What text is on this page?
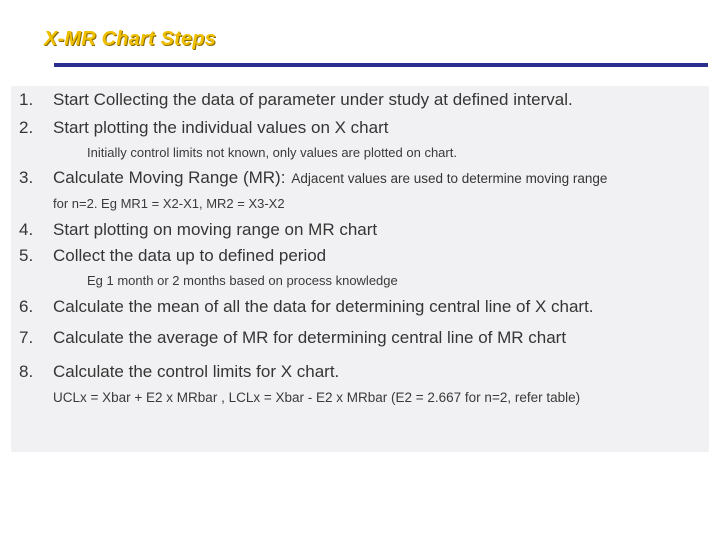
X-MR Chart Steps
1. Start Collecting the data of parameter under study at defined interval.
2. Start plotting the individual values on X chart
Initially control limits not known, only values are plotted on chart.
3. Calculate Moving Range (MR): Adjacent values are used to determine moving range
for n=2. Eg MR1 = X2-X1, MR2 = X3-X2
4. Start plotting on moving range on MR chart
5. Collect the data up to defined period
Eg 1 month or 2 months based on process knowledge
6. Calculate the mean of all the data for determining central line of X chart.
7. Calculate the average of MR for determining central line of MR chart
8. Calculate the control limits for X chart.
UCLx = Xbar + E2 x MRbar , LCLx = Xbar - E2 x MRbar (E2 = 2.667 for n=2, refer table)
